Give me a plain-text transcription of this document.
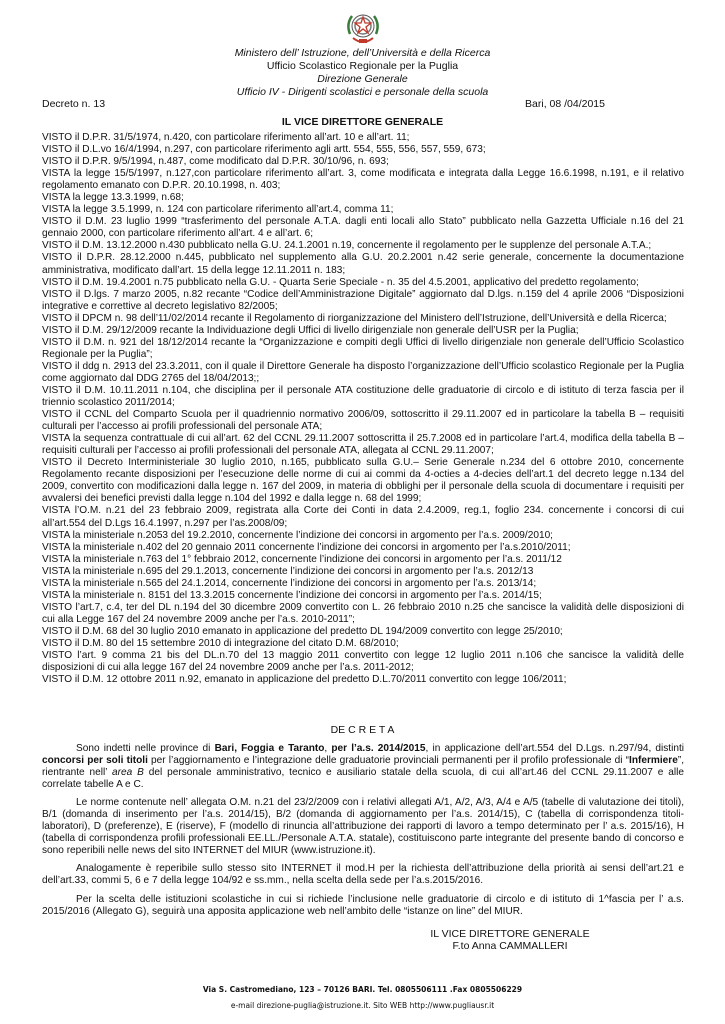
Ministero dell’ Istruzione, dell’Università e della Ricerca
Ufficio Scolastico Regionale per la Puglia
Direzione Generale
Ufficio IV - Dirigenti scolastici e personale della scuola
Decreto n. 13	Bari, 08 /04/2015
IL VICE DIRETTORE GENERALE

VISTO il D.P.R. 31/5/1974, n.420, con particolare riferimento all’art. 10 e all’art. 11;

VISTO il D.L.vo 16/4/1994, n.297, con particolare riferimento agli artt. 554, 555, 556, 557, 559, 673;

VISTO il D.P.R. 9/5/1994, n.487, come modificato dal D.P.R. 30/10/96, n. 693;

VISTA la legge 15/5/1997, n.127,con particolare riferimento all’art. 3, come modificata e integrata dalla Legge 16.6.1998, n.191, e il relativo regolamento emanato con D.P.R. 20.10.1998, n. 403;

VISTA la legge 13.3.1999, n.68;

VISTA la legge 3.5.1999, n. 124 con particolare riferimento all’art.4, comma 11;

VISTO il D.M. 23 luglio 1999 “trasferimento del personale A.T.A. dagli enti locali allo Stato” pubblicato nella Gazzetta Ufficiale n.16 del 21 gennaio 2000, con particolare riferimento all’art. 4 e all’art. 6;

VISTO il D.M. 13.12.2000 n.430 pubblicato nella G.U. 24.1.2001 n.19, concernente il regolamento per le supplenze del personale A.T.A.;

VISTO il D.P.R. 28.12.2000 n.445, pubblicato nel supplemento alla G.U. 20.2.2001 n.42 serie generale, concernente la documentazione amministrativa, modificato dall’art. 15 della legge 12.11.2011 n. 183;

VISTO il D.M. 19.4.2001 n.75 pubblicato nella G.U. - Quarta Serie Speciale - n. 35 del 4.5.2001, applicativo del predetto regolamento;

VISTO il D.lgs. 7 marzo 2005, n.82 recante “Codice dell’Amministrazione Digitale” aggiornato dal D.lgs. n.159 del 4 aprile 2006 “Disposizioni integrative e correttive al decreto legislativo 82/2005;

VISTO il DPCM n. 98 dell’11/02/2014 recante il Regolamento di riorganizzazione del Ministero dell’Istruzione, dell’Università e della Ricerca;

VISTO il D.M. 29/12/2009 recante la Individuazione degli Uffici di livello dirigenziale non generale dell’USR per la Puglia;

VISTO il D.M. n. 921 del 18/12/2014 recante la “Organizzazione e compiti degli Uffici di livello dirigenziale non generale dell’Ufficio Scolastico Regionale per la Puglia”;

VISTO il ddg n. 2913 del 23.3.2011, con il quale il Direttore Generale ha disposto l’organizzazione dell’Ufficio scolastico Regionale per la Puglia come aggiornato dal DDG 2765 del 18/04/2013;;

VISTO il D.M. 10.11.2011 n.104, che disciplina per il personale ATA costituzione delle graduatorie di circolo e di istituto di terza fascia per il triennio scolastico 2011/2014;

VISTO il CCNL del Comparto Scuola per il quadriennio normativo 2006/09, sottoscritto il 29.11.2007 ed in particolare la tabella B – requisiti culturali per l’accesso ai profili professionali del personale ATA;

VISTA la sequenza contrattuale di cui all’art. 62 del CCNL 29.11.2007 sottoscritta il 25.7.2008 ed in particolare l’art.4, modifica della tabella B – requisiti culturali per l’accesso ai profili professionali del personale ATA, allegata al CCNL 29.11.2007;

VISTO il Decreto Interministeriale 30 luglio 2010, n.165, pubblicato sulla G.U.– Serie Generale n.234 del 6 ottobre 2010, concernente Regolamento recante disposizioni per l’esecuzione delle norme di cui ai commi da 4-octies a 4-decies dell’art.1 del decreto legge n.134 del 2009, convertito con modificazioni dalla legge n. 167 del 2009, in materia di obblighi per il personale della scuola di documentare i requisiti per avvalersi dei benefici previsti dalla legge n.104 del 1992 e dalla legge n. 68 del 1999;

VISTA l’O.M. n.21 del 23 febbraio 2009, registrata alla Corte dei Conti in data 2.4.2009, reg.1, foglio 234. concernente i concorsi di cui all’art.554 del D.Lgs 16.4.1997, n.297 per l’as.2008/09;

VISTA la ministeriale n.2053 del 19.2.2010, concernente l’indizione dei concorsi in argomento per l’a.s. 2009/2010;

VISTA la ministeriale n.402 del 20 gennaio 2011 concernente l’indizione dei concorsi in argomento per l’a.s.2010/2011;

VISTA la ministeriale n.763 del 1° febbraio 2012, concernente l’indizione dei concorsi in argomento per l’a.s. 2011/12

VISTA la ministeriale n.695 del 29.1.2013, concernente l’indizione dei concorsi in argomento per l’a.s. 2012/13

VISTA la ministeriale n.565 del 24.1.2014, concernente l’indizione dei concorsi in argomento per l’a.s. 2013/14;

VISTA la ministeriale n. 8151 del 13.3.2015 concernente l’indizione dei concorsi in argomento per l’a.s. 2014/15;

VISTO l’art.7, c.4, ter del DL n.194 del 30 dicembre 2009 convertito con L. 26 febbraio 2010 n.25 che sancisce la validità delle disposizioni di cui alla Legge 167 del 24 novembre 2009 anche per l’a.s. 2010-2011”;

VISTO il D.M. 68 del 30 luglio 2010 emanato in applicazione del predetto DL 194/2009 convertito con legge 25/2010;

VISTO il D.M. 80 del 15 settembre 2010 di integrazione del citato D.M. 68/2010;

VISTO l’art. 9 comma 21 bis del DL.n.70 del 13 maggio 2011 convertito con legge 12 luglio 2011 n.106 che sancisce la validità delle disposizioni di cui alla legge 167 del 24 novembre 2009 anche per l’a.s. 2011-2012;

VISTO il D.M. 12 ottobre 2011 n.92, emanato in applicazione del predetto D.L.70/2011 convertito con legge 106/2011;

DE C R E T A

Sono indetti nelle province di Bari, Foggia e Taranto, per l’a.s. 2014/2015, in applicazione dell’art.554 del D.Lgs. n.297/94, distinti concorsi per soli titoli per l’aggiornamento e l’integrazione delle graduatorie provinciali permanenti per il profilo professionale di “Infermiere”, rientrante nell’ area B del personale amministrativo, tecnico e ausiliario statale della scuola, di cui all’art.46 del CCNL 29.11.2007 e alle correlate tabelle A e C.

Le norme contenute nell’ allegata O.M. n.21 del 23/2/2009 con i relativi allegati A/1, A/2, A/3, A/4 e A/5 (tabelle di valutazione dei titoli), B/1 (domanda di inserimento per l’a.s. 2014/15), B/2 (domanda di aggiornamento per l’a.s. 2014/15), C (tabella di corrispondenza titoli- laboratori), D (preferenze), E (riserve), F (modello di rinuncia all’attribuzione dei rapporti di lavoro a tempo determinato per l’ a.s. 2015/16), H (tabella di corrispondenza profili professionali EE.LL./Personale A.T.A. statale), costituiscono parte integrante del presente bando di concorso e sono reperibili nelle news del sito INTERNET del MIUR (www.istruzione.it).

Analogamente è reperibile sullo stesso sito INTERNET il mod.H per la richiesta dell’attribuzione della priorità ai sensi dell’art.21 e dell’art.33, commi 5, 6 e 7 della legge 104/92 e ss.mm., nella scelta della sede per l’a.s.2015/2016.

Per la scelta delle istituzioni scolastiche in cui si richiede l’inclusione nelle graduatorie di circolo e di istituto di 1^fascia per l’ a.s. 2015/2016 (Allegato G), seguirà una apposita applicazione web nell’ambito delle “istanze on line” del MIUR.

IL VICE DIRETTORE GENERALE
F.to Anna CAMMALLERI
Via S. Castromediano, 123 – 70126 BARI. Tel. 0805506111 .Fax 0805506229
e-mail direzione-puglia@istruzione.it. Sito WEB http://www.pugliausr.it
